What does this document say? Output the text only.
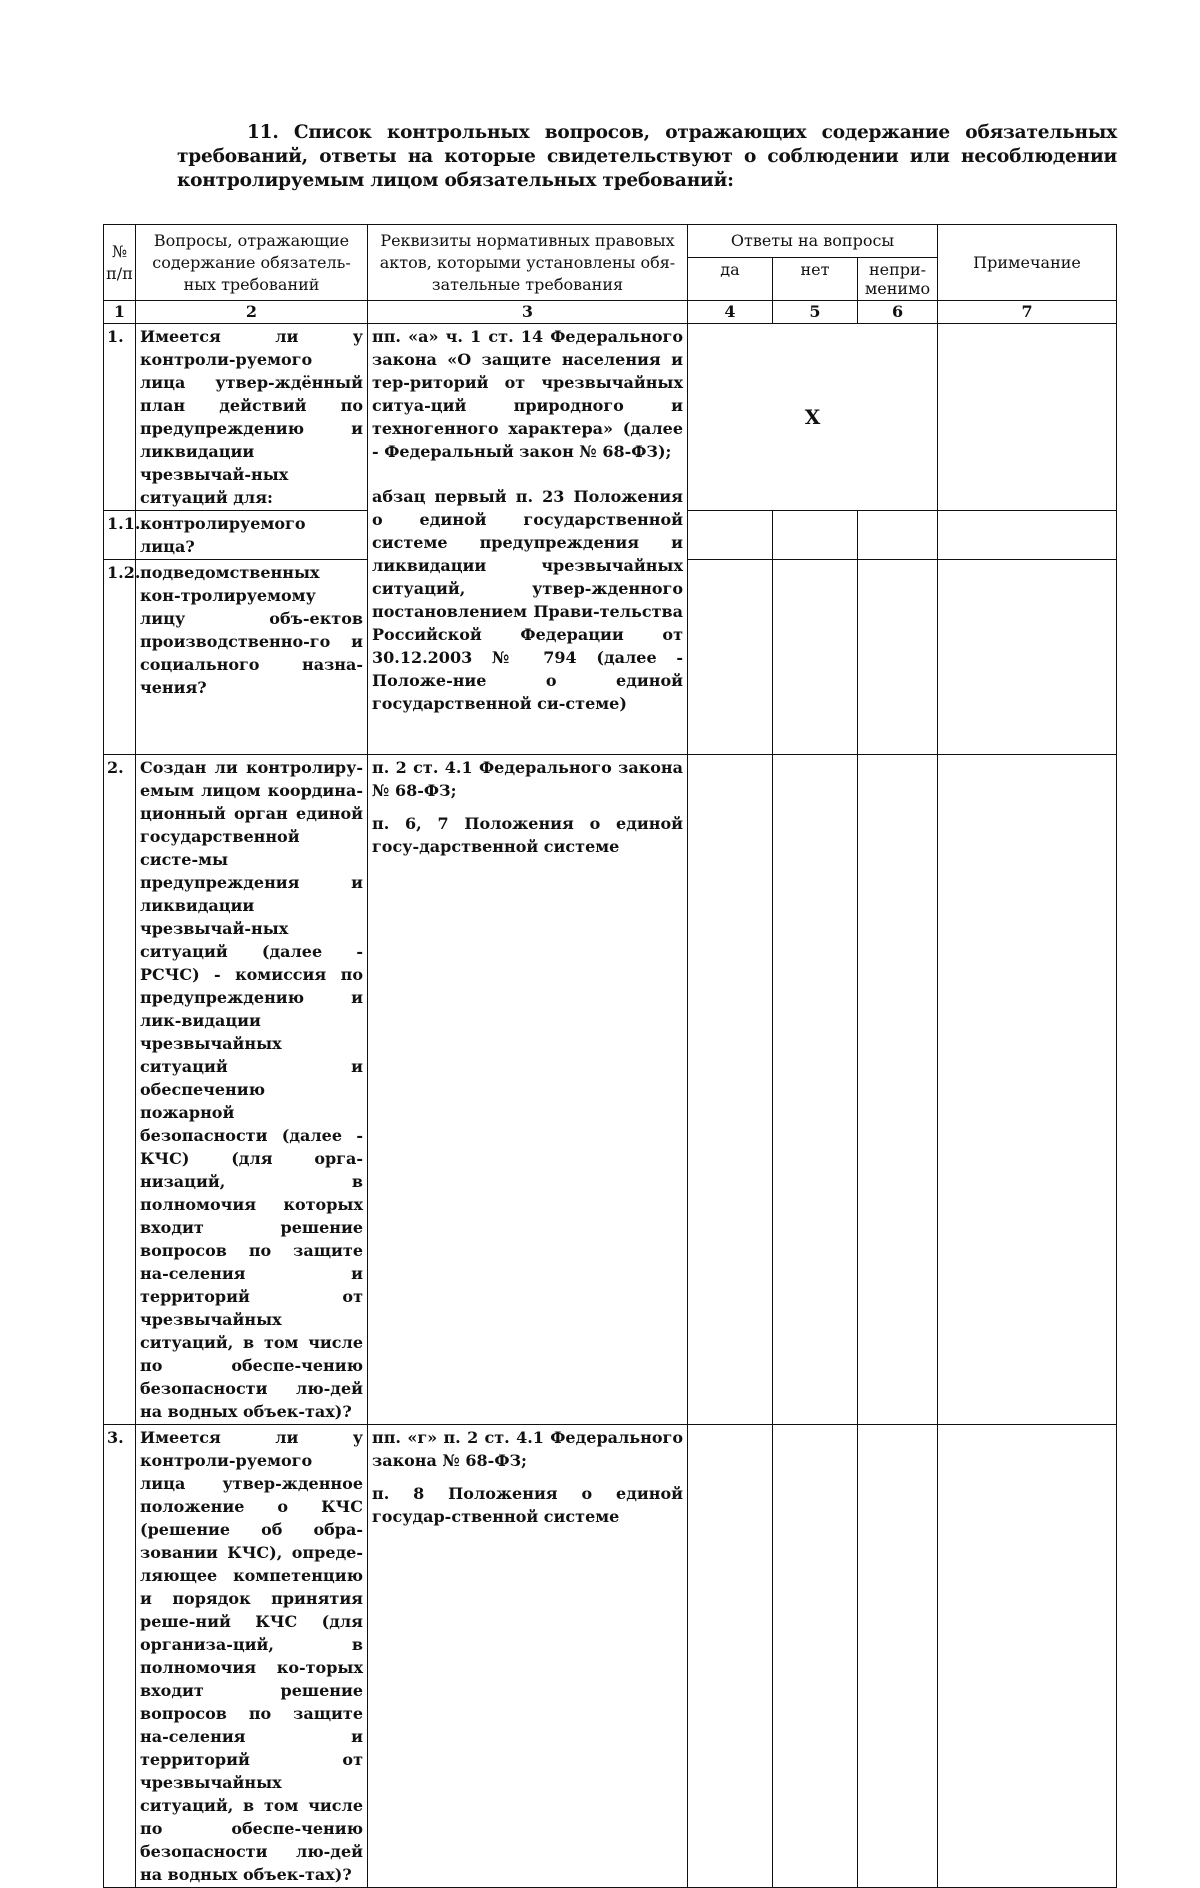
11. Список контрольных вопросов, отражающих содержание обязательных требований, ответы на которые свидетельствуют о соблюдении или несоблюдении контролируемым лицом обязательных требований:
№ п/п	Вопросы, отражающие содержание обязатель-ных требований	Реквизиты нормативных правовых актов, которыми установлены обя-зательные требования	Ответы на вопросы			Примечание
			да	нет	непри-менимо	
1	2	3	4	5	6	7
1.	Имеется ли у контроли-руемого лица утвер-ждённый план действий по предупреждению и ликвидации чрезвычай-ных ситуаций для:	пп. «а» ч. 1 ст. 14 Федерального закона «О защите населения и тер-риторий от чрезвычайных ситуа-ций природного и техногенного характера» (далее - Федеральный закон № 68-ФЗ);

абзац первый п. 23 Положения о единой государственной системе предупреждения и ликвидации чрезвычайных ситуаций, утвер-жденного постановлением Прави-тельства Российской Федерации от 30.12.2003 № 794 (далее - Положе-ние о единой государственной си-стеме)	X			
1.1.	контролируемого лица?					
1.2.	подведомственных кон-тролируемому лицу объ-ектов производственно-го и социального назна-чения?					
2.	Создан ли контролиру-емым лицом координа-ционный орган единой государственной систе-мы предупреждения и ликвидации чрезвычай-ных ситуаций (далее - РСЧС) - комиссия по предупреждению и лик-видации чрезвычайных ситуаций и обеспечению пожарной безопасности (далее - КЧС) (для орга-низаций, в полномочия которых входит решение вопросов по защите на-селения и территорий от чрезвычайных ситуаций, в том числе по обеспе-чению безопасности лю-дей на водных объек-тах)?	п. 2 ст. 4.1 Федерального закона № 68-ФЗ;

п. 6, 7 Положения о единой госу-дарственной системе				

3.	Имеется ли у контроли-руемого лица утвер-жденное положение о КЧС (решение об обра-зовании КЧС), опреде-ляющее компетенцию и порядок принятия реше-ний КЧС (для организа-ций, в полномочия ко-торых входит решение вопросов по защите на-селения и территорий от чрезвычайных ситуаций, в том числе по обеспе-чению безопасности лю-дей на водных объек-тах)?	пп. «г» п. 2 ст. 4.1 Федерального закона № 68-ФЗ;

п. 8 Положения о единой государ-ственной системе				
